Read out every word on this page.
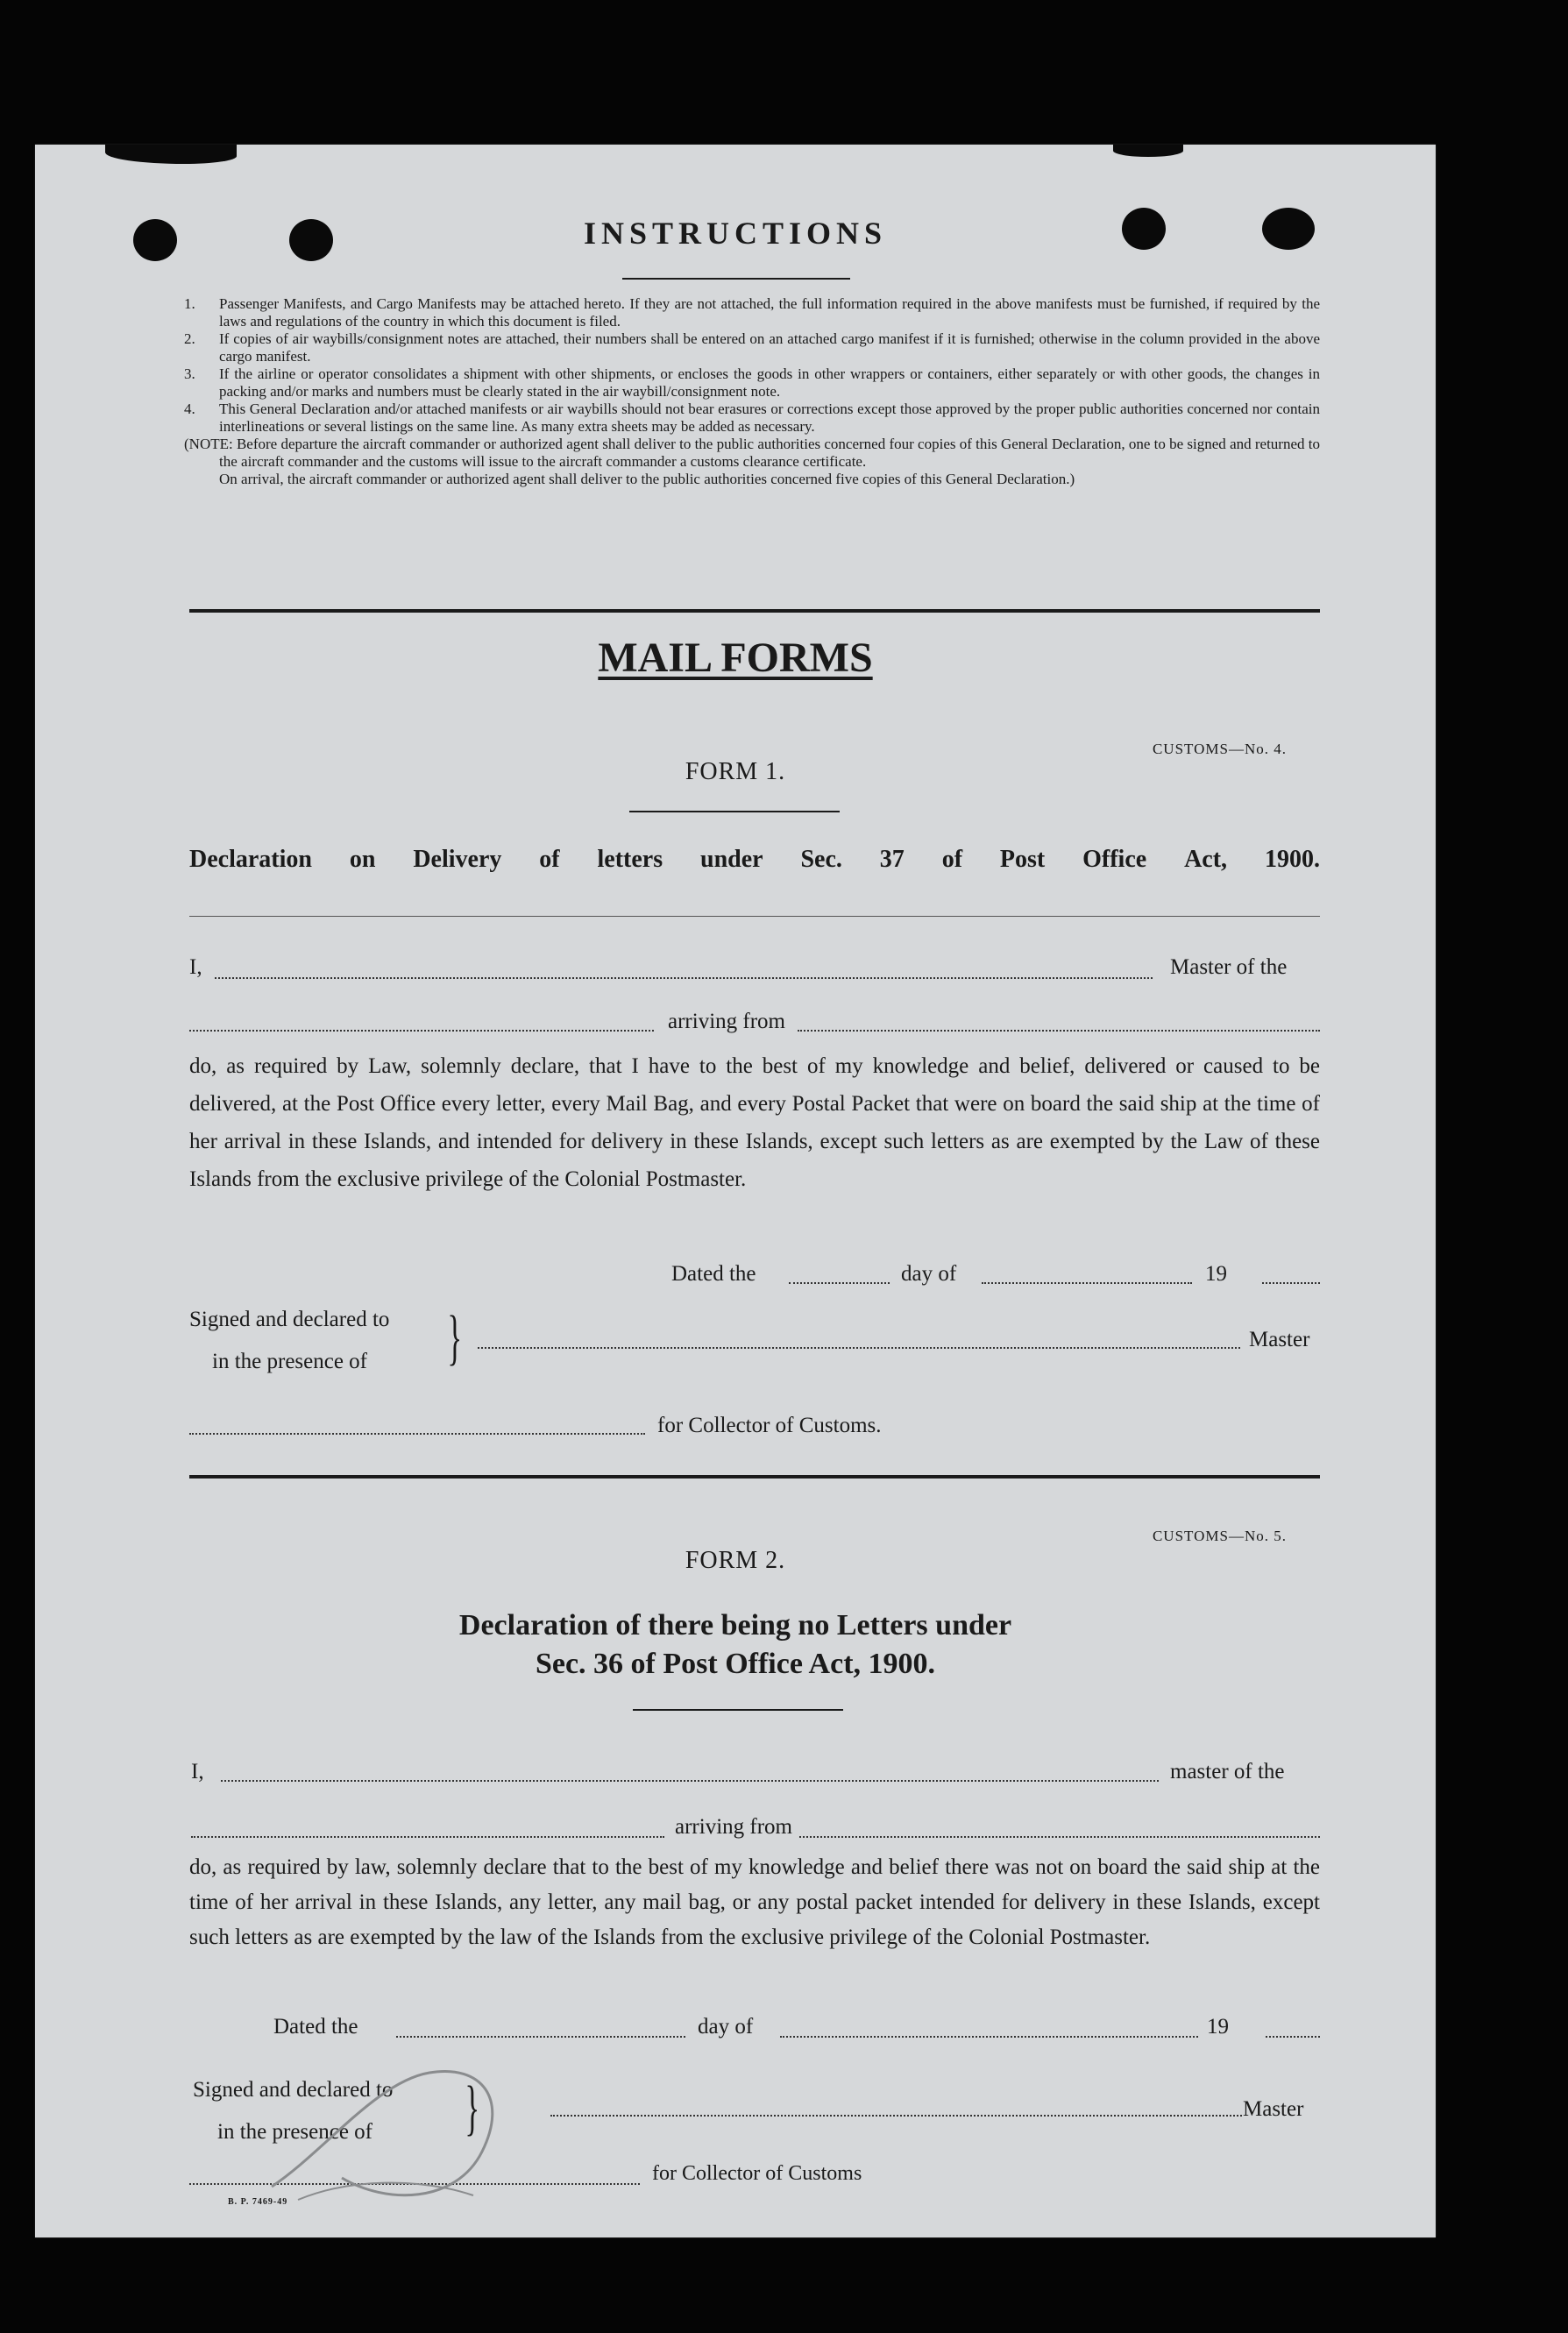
INSTRUCTIONS

1. Passenger Manifests, and Cargo Manifests may be attached hereto. If they are not attached, the full information required in the above manifests must be furnished, if required by the laws and regulations of the country in which this document is filed.

2. If copies of air waybills/consignment notes are attached, their numbers shall be entered on an attached cargo manifest if it is furnished; otherwise in the column provided in the above cargo manifest.

3. If the airline or operator consolidates a shipment with other shipments, or encloses the goods in other wrappers or containers, either separately or with other goods, the changes in packing and/or marks and numbers must be clearly stated in the air waybill/consignment note.

4. This General Declaration and/or attached manifests or air waybills should not bear erasures or corrections except those approved by the proper public authorities concerned nor contain interlineations or several listings on the same line. As many extra sheets may be added as necessary.

(NOTE: Before departure the aircraft commander or authorized agent shall deliver to the public authorities concerned four copies of this General Declaration, one to be signed and returned to the aircraft commander and the customs will issue to the aircraft commander a customs clearance certificate.

On arrival, the aircraft commander or authorized agent shall deliver to the public authorities concerned five copies of this General Declaration.)

MAIL FORMS
CUSTOMS—No. 4.
FORM 1.
Declaration on Delivery of letters under Sec. 37 of Post Office Act, 1900.
I,	Master of the
arriving from
do, as required by Law, solemnly declare, that I have to the best of my knowledge and belief, delivered or caused to be delivered, at the Post Office every letter, every Mail Bag, and every Postal Packet that were on board the said ship at the time of her arrival in these Islands, and intended for delivery in these Islands, except such letters as are exempted by the Law of these Islands from the exclusive privilege of the Colonial Postmaster.
Dated the	day of	19
Signed and declared to
in the presence of }	Master
for Collector of Customs.
CUSTOMS—No. 5.
FORM 2.
Declaration of there being no Letters under
Sec. 36 of Post Office Act, 1900.
I,	master of the
arriving from
do, as required by law, solemnly declare that to the best of my knowledge and belief there was not on board the said ship at the time of her arrival in these Islands, any letter, any mail bag, or any postal packet intended for delivery in these Islands, except such letters as are exempted by the law of the Islands from the exclusive privilege of the Colonial Postmaster.
Dated the	day of	19
Signed and declared to
in the presence of }	Master
for Collector of Customs
B. P. 7469-49
